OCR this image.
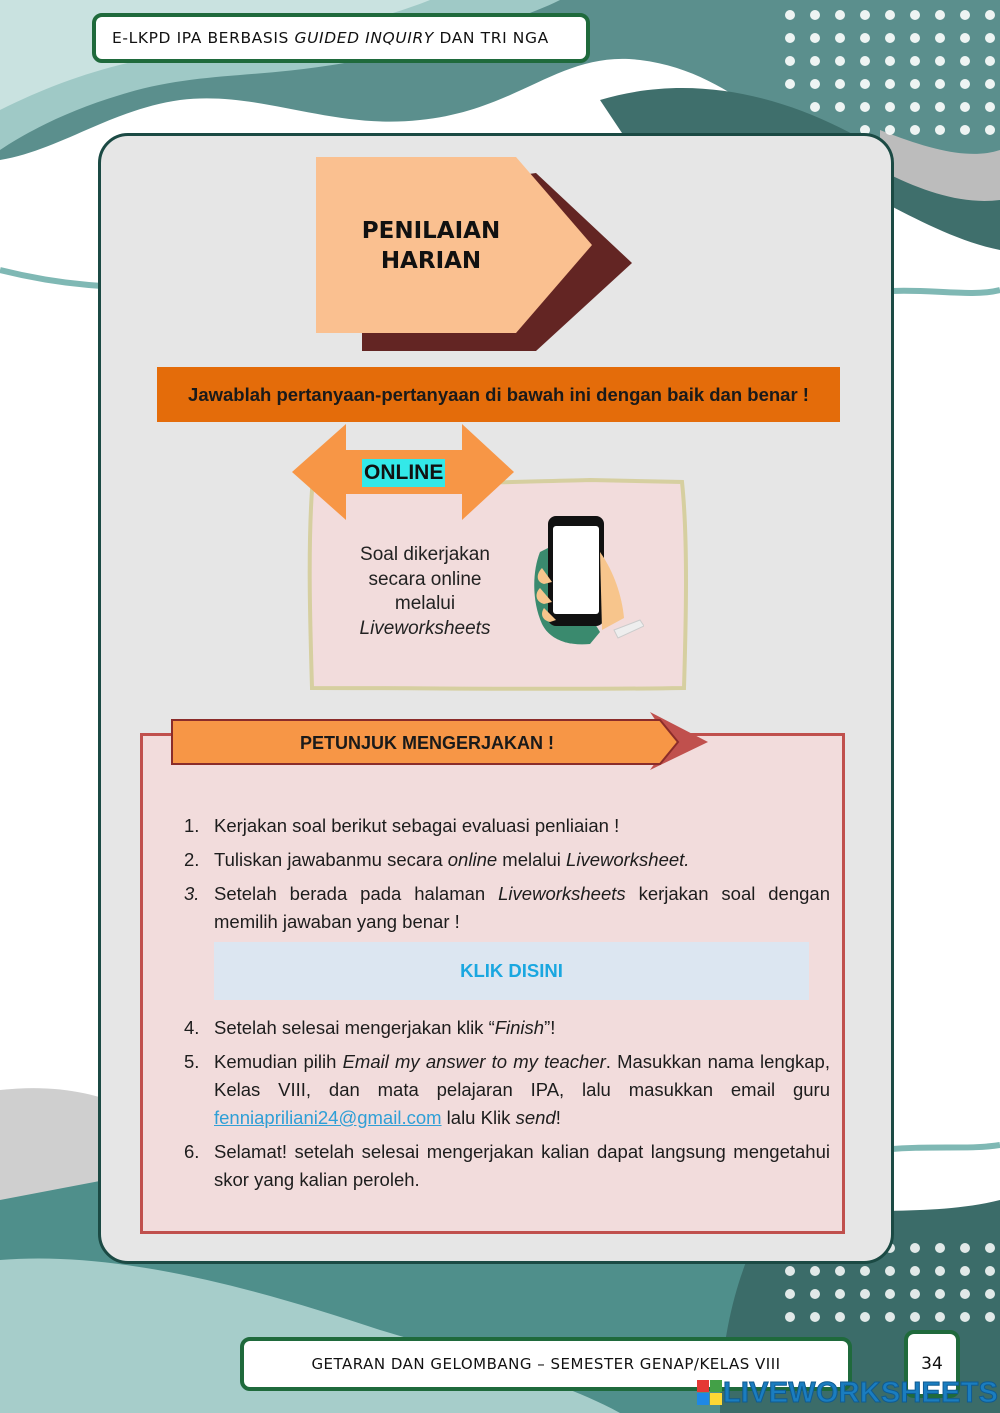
E-LKPD IPA BERBASIS
GUIDED INQUIRY
DAN TRI NGA
PENILAIAN
HARIAN
Jawablah pertanyaan-pertanyaan di bawah ini dengan baik dan benar !
ONLINE
Soal dikerjakan
secara online
melalui
Liveworksheets
PETUNJUK MENGERJAKAN !
1. Kerjakan soal berikut sebagai evaluasi penliaian !
2. Tuliskan jawabanmu secara online melalui Liveworksheet.
3. Setelah berada pada halaman Liveworksheets kerjakan soal dengan memilih jawaban yang benar !
KLIK DISINI
4. Setelah selesai mengerjakan klik “Finish”!
5. Kemudian pilih Email my answer to my teacher. Masukkan nama lengkap, Kelas VIII, dan mata pelajaran IPA, lalu masukkan email guru fenniapriliani24@gmail.com lalu Klik send!
6. Selamat! setelah selesai mengerjakan kalian dapat langsung mengetahui skor yang kalian peroleh.
GETARAN DAN GELOMBANG – SEMESTER GENAP/KELAS VIII	34
LIVEWORKSHEETS
